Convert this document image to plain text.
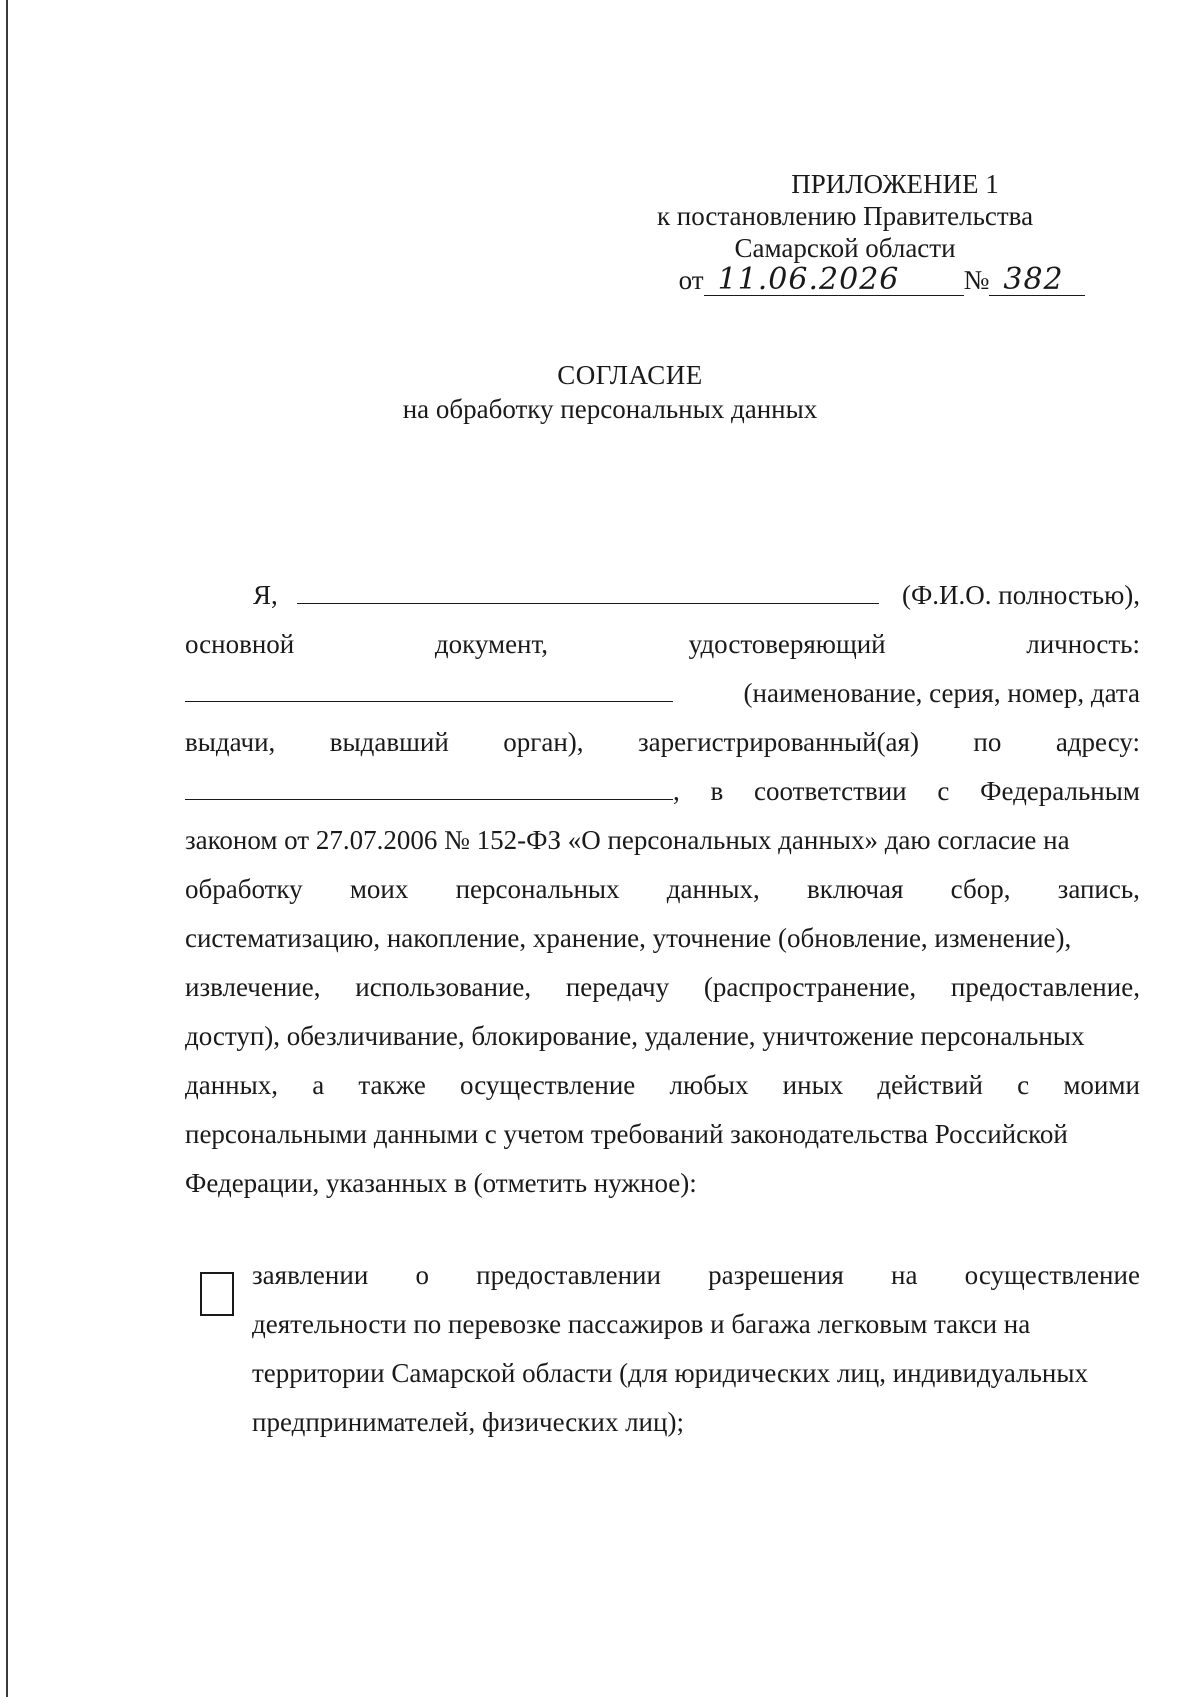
ПРИЛОЖЕНИЕ 1
к постановлению Правительства
Самарской области
от 11.06.2026 № 382
СОГЛАСИЕ
на обработку персональных данных
Я,	(Ф.И.О. полностью),
основной	документ,	удостоверяющий	личность:
(наименование, серия, номер, дата
выдачи, выдавший орган), зарегистрированный(ая) по адресу:
, в соответствии с Федеральным
законом от 27.07.2006 № 152-ФЗ «О персональных данных» даю согласие на
обработку моих персональных данных, включая сбор, запись,
систематизацию, накопление, хранение, уточнение (обновление, изменение),
извлечение, использование, передачу (распространение, предоставление,
доступ), обезличивание, блокирование, удаление, уничтожение персональных
данных, а также осуществление любых иных действий с моими
персональными данными с учетом требований законодательства Российской
Федерации, указанных в (отметить нужное):
заявлении о предоставлении разрешения на осуществление
деятельности по перевозке пассажиров и багажа легковым такси на
территории Самарской области (для юридических лиц, индивидуальных
предпринимателей, физических лиц);
